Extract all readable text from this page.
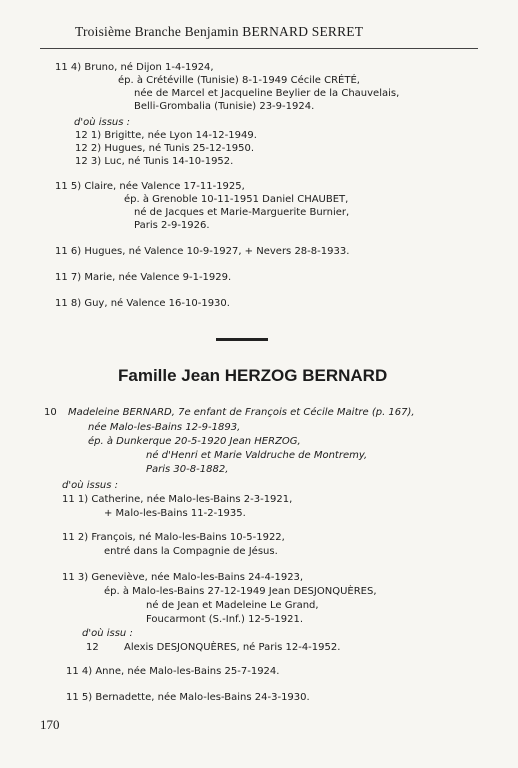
Troisième Branche Benjamin BERNARD SERRET
11 4) Bruno, né Dijon 1-4-1924,
ép. à Crétéville (Tunisie) 8-1-1949 Cécile CRÉTÉ,
née de Marcel et Jacqueline Beylier de la Chauvelais,
Belli-Grombalia (Tunisie) 23-9-1924.
d'où issus :
12 1) Brigitte, née Lyon 14-12-1949.
12 2) Hugues, né Tunis 25-12-1950.
12 3) Luc, né Tunis 14-10-1952.
11 5) Claire, née Valence 17-11-1925,
ép. à Grenoble 10-11-1951 Daniel CHAUBET,
né de Jacques et Marie-Marguerite Burnier,
Paris 2-9-1926.
11 6) Hugues, né Valence 10-9-1927, + Nevers 28-8-1933.
11 7) Marie, née Valence 9-1-1929.
11 8) Guy, né Valence 16-10-1930.
Famille Jean HERZOG BERNARD
10 Madeleine BERNARD, 7e enfant de François et Cécile Maitre (p. 167),
née Malo-les-Bains 12-9-1893,
ép. à Dunkerque 20-5-1920 Jean HERZOG,
né d'Henri et Marie Valdruche de Montremy,
Paris 30-8-1882,
d'où issus :
11 1) Catherine, née Malo-les-Bains 2-3-1921,
+ Malo-les-Bains 11-2-1935.
11 2) François, né Malo-les-Bains 10-5-1922,
entré dans la Compagnie de Jésus.
11 3) Geneviève, née Malo-les-Bains 24-4-1923,
ép. à Malo-les-Bains 27-12-1949 Jean DESJONQUÈRES,
né de Jean et Madeleine Le Grand,
Foucarmont (S.-Inf.) 12-5-1921.
d'où issu :
12	Alexis DESJONQUÈRES, né Paris 12-4-1952.
11 4) Anne, née Malo-les-Bains 25-7-1924.
11 5) Bernadette, née Malo-les-Bains 24-3-1930.
170
